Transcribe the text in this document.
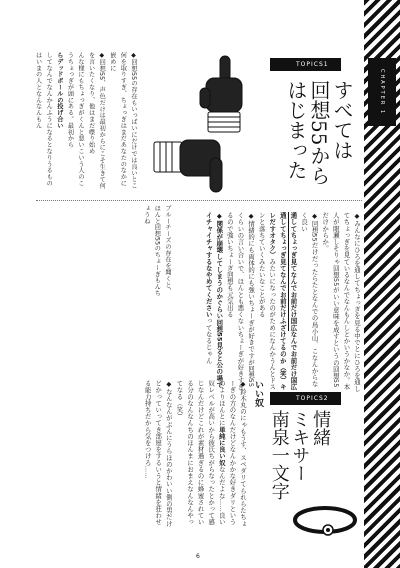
CHAPTER 1
TOPICS1
すべては
回想55から
はじまった

◆みんなにひろを通してちょっぎを見る中でとにひろを通してちょっぎを見ているなんでなんもんしとかいうかなか。本人が眼瀬しそりゃ回想55がいい意味を成すというの回想55だけからか。

◆回想55だけだったらたとなんでの鳥小山、こなんからなく良い

通してちょっぎ見てなんでお前だけ国広なんでお前だけ国広通してちょっぎ見てなんでお前だけふざけてるのか（笑）キレだすオタク）みたいになったのがためになんかうんとドスンと落ちていくみたいなことがある

◆情緒的にも両体的にも強いちょーぎが好きですが回想55くらいの言い合いで、ほんとも悪くないちょーぎが好きすぎるので強いちょーぎ回想も元気出る

◆関係が崩壊してしまうのかぐらい回想55見ると公の場でイチャイチャするなやめてくださいってなるじゃん

◆回想55の存在もいっぱいにだけでは良いとこ何を取りすぎ、ちょっぎはまだあなたのなかに嵌めに

◆回想55、声色だけは最初からにこそ生きて何を言いたくなり、他はまだ喋り始め

んな様にもちょっぎがくんと悪いこいう人のこうちょっぎが頭にある。最初から

らデッドボールの投げ合い

してなんでなんかんふうになるとなりうるものはいまの人となんなんもん

ブルーチーズの存在を聞くと、ほんと回想55のちょーぎもんちょうね

TOPICS2
情緒
ミキサー
南泉一文字
いい奴

◆鈴木丸のにゃもうす、スペダリてられらたちょーぎの方のなんだけどなんかかな好きダリというのよりほんとに単純に良い奴なんだよな……良い奴レベルが高いから彼氏ちがらなったとかって感じなんだけどこれが素材過ぎるのに蜂蜜されている分のなんなんちのほんまにおまえなんなんやってなる（笑）

◆なんなんがぶんにうらほのかわいい側の男だけどかっていってき部屋をするいうと情緒を狂わせる能力持ちだから気をつけろ……

6
